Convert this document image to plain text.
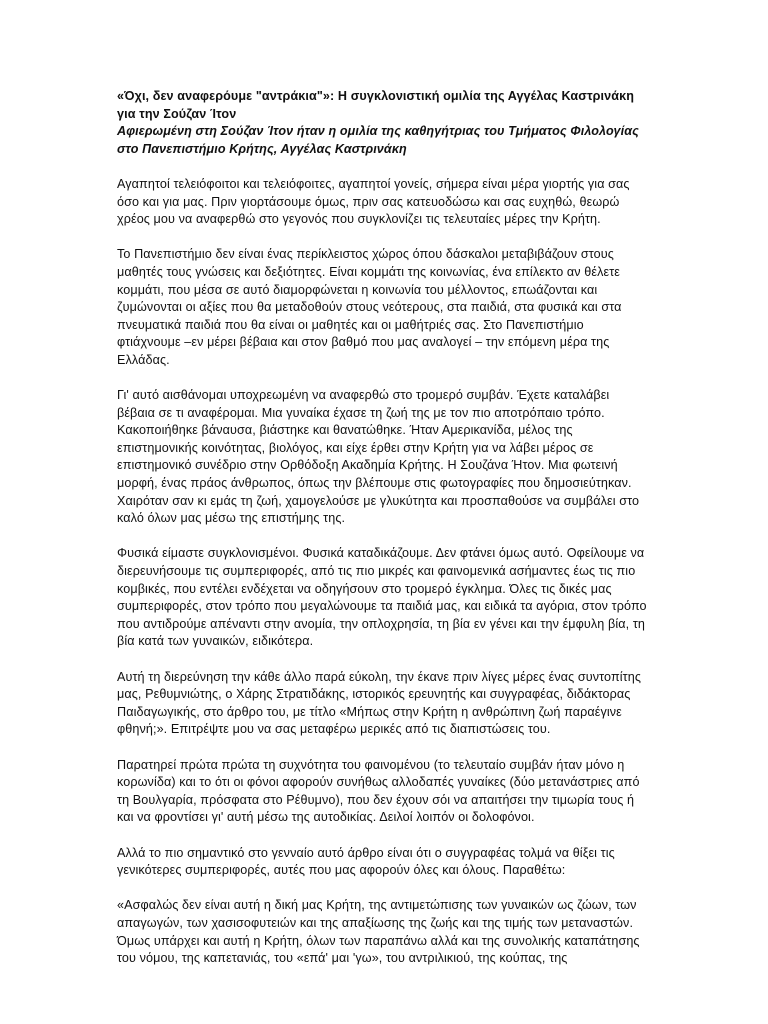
«Όχι, δεν αναφερόυμε "αντράκια"»: Η συγκλονιστική ομιλία της Αγγέλας Καστρινάκη για την Σούζαν Ίτον

Αφιερωμένη στη Σούζαν Ίτον ήταν η ομιλία της καθηγήτριας του Τμήματος Φιλολογίας στο Πανεπιστήμιο Κρήτης, Αγγέλας Καστρινάκη

Αγαπητοί τελειόφοιτοι και τελειόφοιτες, αγαπητοί γονείς, σήμερα είναι μέρα γιορτής για σας όσο και για μας. Πριν γιορτάσουμε όμως, πριν σας κατευοδώσω και σας ευχηθώ, θεωρώ χρέος μου να αναφερθώ στο γεγονός που συγκλονίζει τις τελευταίες μέρες την Κρήτη.

Το Πανεπιστήμιο δεν είναι ένας περίκλειστος χώρος όπου δάσκαλοι μεταβιβάζουν στους μαθητές τους γνώσεις και δεξιότητες. Είναι κομμάτι της κοινωνίας, ένα επίλεκτο αν θέλετε κομμάτι, που μέσα σε αυτό διαμορφώνεται η κοινωνία του μέλλοντος, επωάζονται και ζυμώνονται οι αξίες που θα μεταδοθούν στους νεότερους, στα παιδιά, στα φυσικά και στα πνευματικά παιδιά που θα είναι οι μαθητές και οι μαθήτριές σας. Στο Πανεπιστήμιο φτιάχνουμε –εν μέρει βέβαια και στον βαθμό που μας αναλογεί – την επόμενη μέρα της Ελλάδας.

Γι' αυτό αισθάνομαι υποχρεωμένη να αναφερθώ στο τρομερό συμβάν. Έχετε καταλάβει βέβαια σε τι αναφέρομαι. Μια γυναίκα έχασε τη ζωή της με τον πιο αποτρόπαιο τρόπο. Κακοποιήθηκε βάναυσα, βιάστηκε και θανατώθηκε. Ήταν Αμερικανίδα, μέλος της επιστημονικής κοινότητας, βιολόγος, και είχε έρθει στην Κρήτη για να λάβει μέρος σε επιστημονικό συνέδριο στην Ορθόδοξη Ακαδημία Κρήτης. Η Σουζάνα Ήτον. Μια φωτεινή μορφή, ένας πράος άνθρωπος, όπως την βλέπουμε στις φωτογραφίες που δημοσιεύτηκαν. Χαιρόταν σαν κι εμάς τη ζωή, χαμογελούσε με γλυκύτητα και προσπαθούσε να συμβάλει στο καλό όλων μας μέσω της επιστήμης της.

Φυσικά είμαστε συγκλονισμένοι. Φυσικά καταδικάζουμε. Δεν φτάνει όμως αυτό. Οφείλουμε να διερευνήσουμε τις συμπεριφορές, από τις πιο μικρές και φαινομενικά ασήμαντες έως τις πιο κομβικές, που εντέλει ενδέχεται να οδηγήσουν στο τρομερό έγκλημα. Όλες τις δικές μας συμπεριφορές, στον τρόπο που μεγαλώνουμε τα παιδιά μας, και ειδικά τα αγόρια, στον τρόπο που αντιδρούμε απέναντι στην ανομία, την οπλοχρησία, τη βία εν γένει και την έμφυλη βία, τη βία κατά των γυναικών, ειδικότερα.

Αυτή τη διερεύνηση την κάθε άλλο παρά εύκολη, την έκανε πριν λίγες μέρες ένας συντοπίτης μας, Ρεθυμνιώτης, ο Χάρης Στρατιδάκης, ιστορικός ερευνητής και συγγραφέας, διδάκτορας Παιδαγωγικής, στο άρθρο του, με τίτλο «Μήπως στην Κρήτη η ανθρώπινη ζωή παραέγινε φθηνή;». Επιτρέψτε μου να σας μεταφέρω μερικές από τις διαπιστώσεις του.

Παρατηρεί πρώτα πρώτα τη συχνότητα του φαινομένου (το τελευταίο συμβάν ήταν μόνο η κορωνίδα) και το ότι οι φόνοι αφορούν συνήθως αλλοδαπές γυναίκες (δύο μετανάστριες από τη Βουλγαρία, πρόσφατα στο Ρέθυμνο), που δεν έχουν σόι να απαιτήσει την τιμωρία τους ή και να φροντίσει γι' αυτή μέσω της αυτοδικίας. Δειλοί λοιπόν οι δολοφόνοι.

Αλλά το πιο σημαντικό στο γενναίο αυτό άρθρο είναι ότι ο συγγραφέας τολμά να θίξει τις γενικότερες συμπεριφορές, αυτές που μας αφορούν όλες και όλους. Παραθέτω:

«Ασφαλώς δεν είναι αυτή η δική μας Κρήτη, της αντιμετώπισης των γυναικών ως ζώων, των απαγωγών, των χασισοφυτειών και της απαξίωσης της ζωής και της τιμής των μεταναστών. Όμως υπάρχει και αυτή η Κρήτη, όλων των παραπάνω αλλά και της συνολικής καταπάτησης του νόμου, της καπετανιάς, του «επά' μαι 'γω», του αντριλικιού, της κούπας, της
